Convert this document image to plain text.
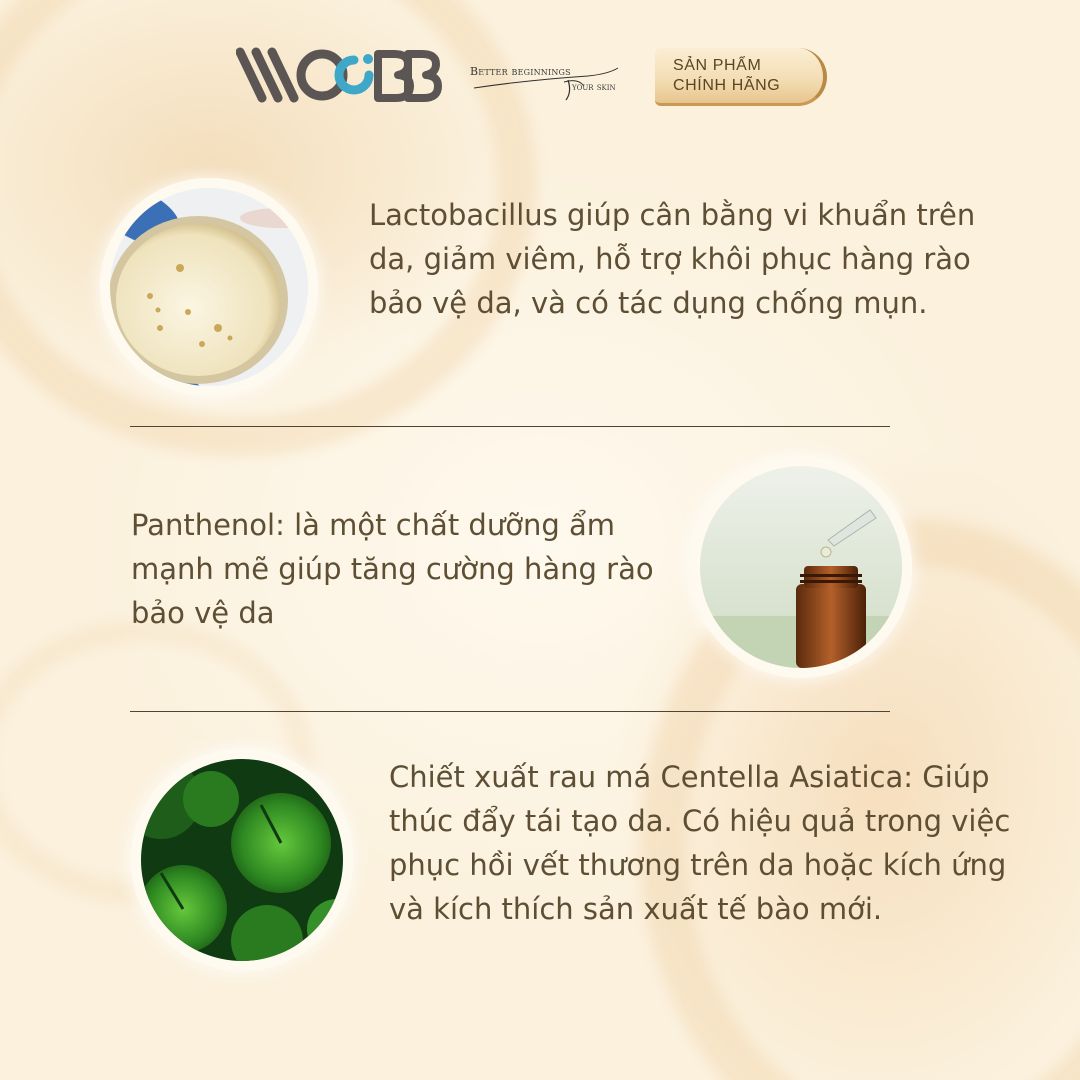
Better beginnings
your skin
SẢN PHẨM
CHÍNH HÃNG

Lactobacillus giúp cân bằng vi khuẩn trên da, giảm viêm, hỗ trợ khôi phục hàng rào bảo vệ da, và có tác dụng chống mụn.

Panthenol: là một chất dưỡng ẩm mạnh mẽ giúp tăng cường hàng rào bảo vệ da

Chiết xuất rau má Centella Asiatica: Giúp thúc đẩy tái tạo da. Có hiệu quả trong việc phục hồi vết thương trên da hoặc kích ứng và kích thích sản xuất tế bào mới.
